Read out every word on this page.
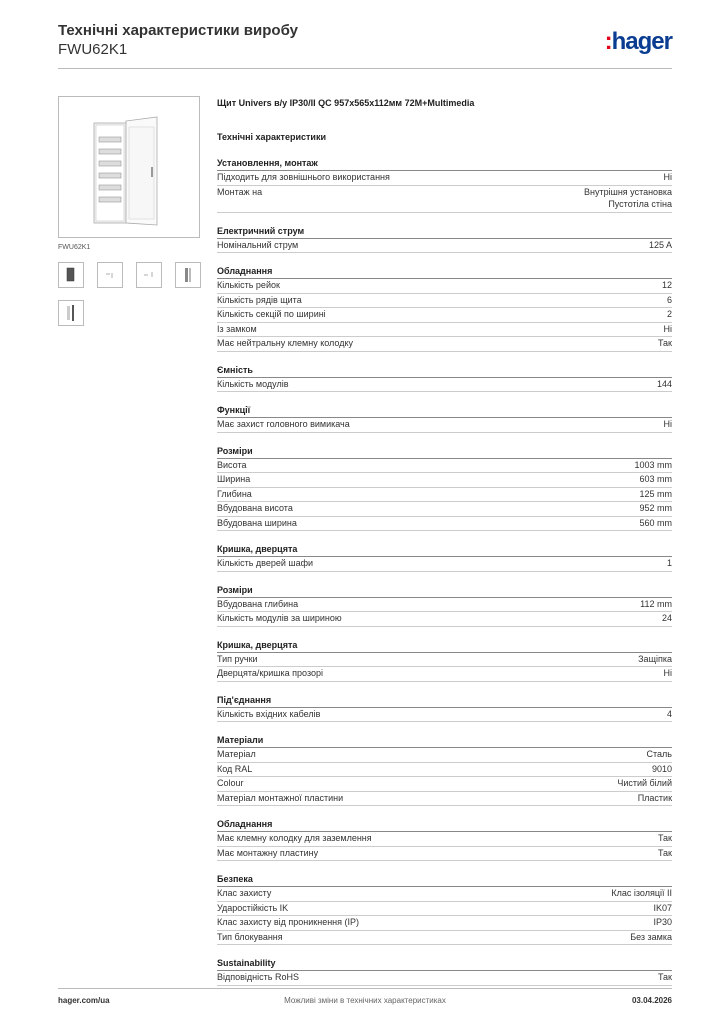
Технічні характеристики виробу
FWU62K1	:hager
FWU62K1
Щит Univers в/у IP30/II QC 957x565x112мм 72M+Multimedia
Технічні характеристики
Установлення, монтаж
Підходить для зовнішнього використання	Ні
Монтаж на	Внутрішня установка
Пустотіла стіна
Електричний струм
Номінальний струм	125 A
Обладнання
Кількість рейок	12
Кількість рядів щита	6
Кількість секцій по ширині	2
Із замком	Ні
Має нейтральну клемну колодку	Так
Ємність
Кількість модулів	144
Функції
Має захист головного вимикача	Ні
Розміри
Висота	1003 mm
Ширина	603 mm
Глибина	125 mm
Вбудована висота	952 mm
Вбудована ширина	560 mm
Кришка, дверцята
Кількість дверей шафи	1
Розміри
Вбудована глибина	112 mm
Кількість модулів за шириною	24
Кришка, дверцята
Тип ручки	Защіпка
Дверцята/кришка прозорі	Ні
Під'єднання
Кількість вхідних кабелів	4
Матеріали
Матеріал	Сталь
Код RAL	9010
Colour	Чистий білий
Матеріал монтажної пластини	Пластик
Обладнання
Має клемну колодку для заземлення	Так
Має монтажну пластину	Так
Безпека
Клас захисту	Клас ізоляції II
Ударостійкість IK	IK07
Клас захисту від проникнення (IP)	IP30
Тип блокування	Без замка
Sustainability
Відповідність RoHS	Так
hager.com/ua	Можливі зміни в технічних характеристиках	03.04.2026
